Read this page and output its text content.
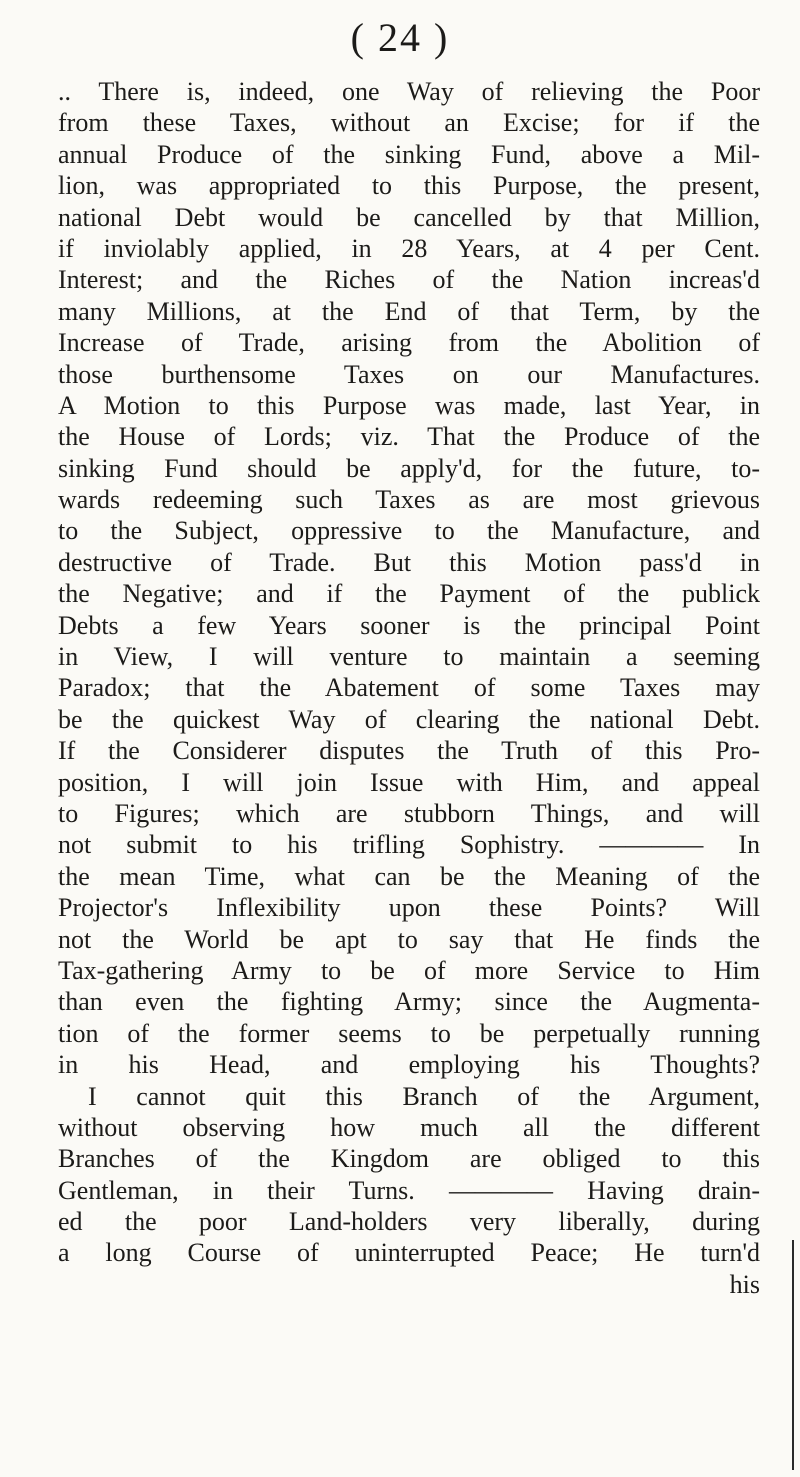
( 24 )
.. There is, indeed, one Way of relieving the Poor
from these Taxes, without an Excise; for if the
annual Produce of the sinking Fund, above a Mil-
lion, was appropriated to this Purpose, the present,
national Debt would be cancelled by that Million,
if inviolably applied, in 28 Years, at 4 per Cent.
Interest; and the Riches of the Nation increas'd
many Millions, at the End of that Term, by the
Increase of Trade, arising from the Abolition of
those burthensome Taxes on our Manufactures.
A Motion to this Purpose was made, last Year, in
the House of Lords; viz. That the Produce of the
sinking Fund should be apply'd, for the future, to-
wards redeeming such Taxes as are most grievous
to the Subject, oppressive to the Manufacture, and
destructive of Trade. But this Motion pass'd in
the Negative; and if the Payment of the publick
Debts a few Years sooner is the principal Point
in View, I will venture to maintain a seeming
Paradox; that the Abatement of some Taxes may
be the quickest Way of clearing the national Debt.
If the Considerer disputes the Truth of this Pro-
position, I will join Issue with Him, and appeal
to Figures; which are stubborn Things, and will
not submit to his trifling Sophistry. ———— In
the mean Time, what can be the Meaning of the
Projector's Inflexibility upon these Points? Will
not the World be apt to say that He finds the
Tax-gathering Army to be of more Service to Him
than even the fighting Army; since the Augmenta-
tion of the former seems to be perpetually running
in his Head, and employing his Thoughts?
I cannot quit this Branch of the Argument,
without observing how much all the different
Branches of the Kingdom are obliged to this
Gentleman, in their Turns. ———— Having drain-
ed the poor Land-holders very liberally, during
a long Course of uninterrupted Peace; He turn'd
his
